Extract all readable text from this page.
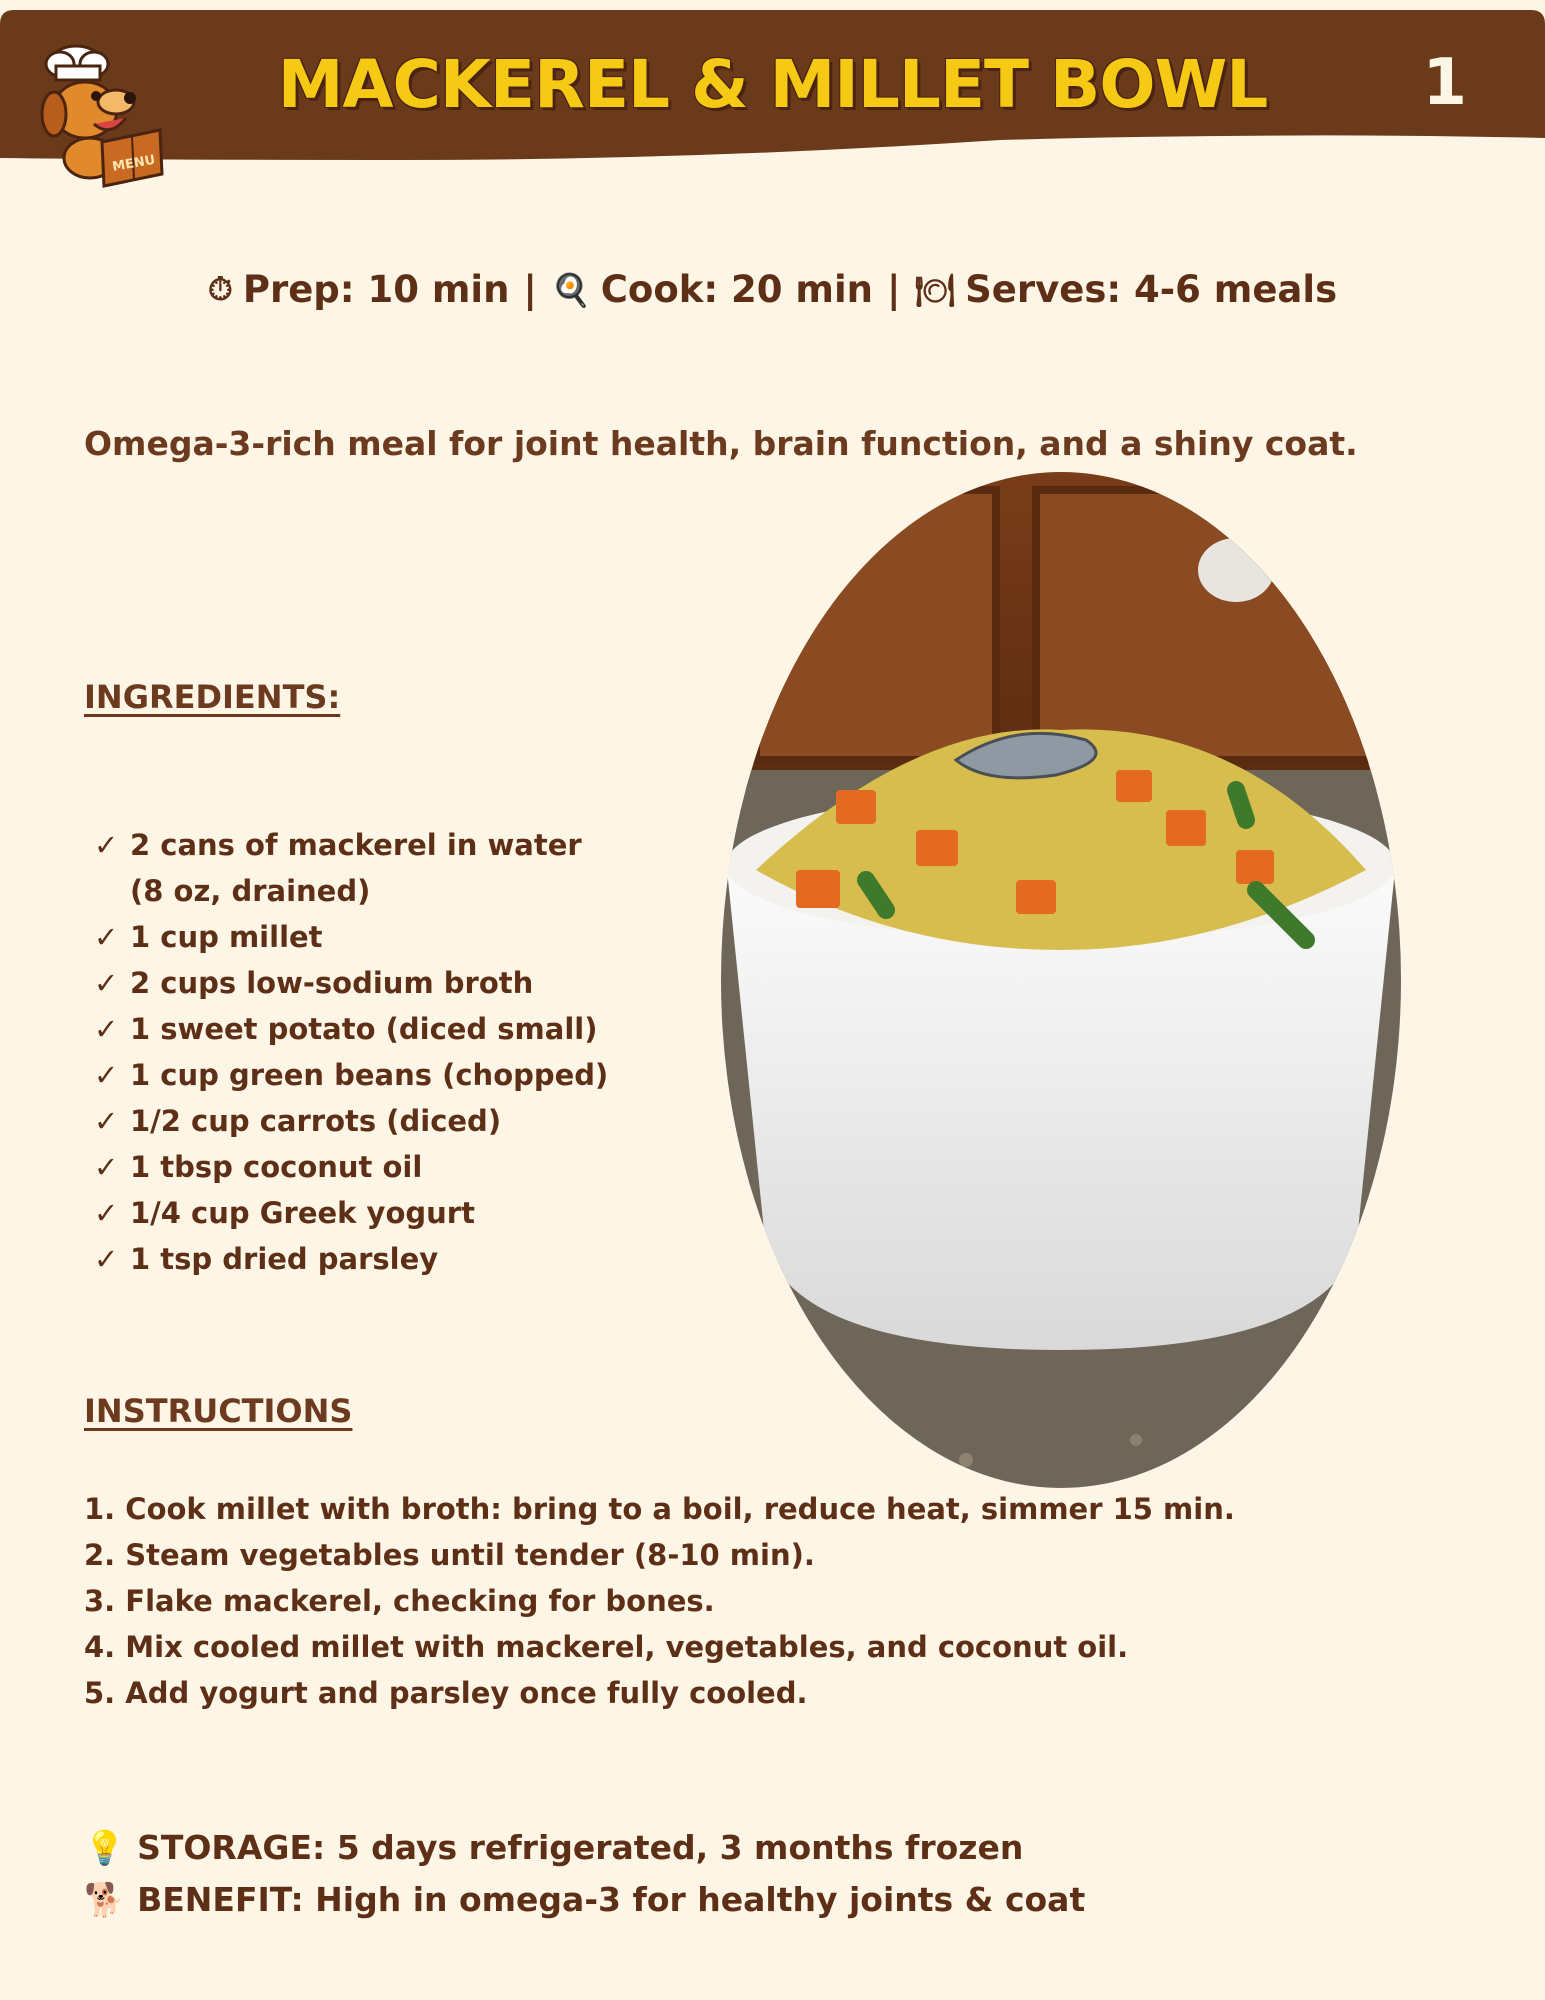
MENU
MACKEREL & MILLET BOWL	1
⏱ Prep: 10 min | 🍳 Cook: 20 min | 🍽 Serves: 4-6 meals
Omega-3-rich meal for joint health, brain function, and a shiny coat.
INGREDIENTS:
✓ 2 cans of mackerel in water
(8 oz, drained)
✓ 1 cup millet
✓ 2 cups low-sodium broth
✓ 1 sweet potato (diced small)
✓ 1 cup green beans (chopped)
✓ 1/2 cup carrots (diced)
✓ 1 tbsp coconut oil
✓ 1/4 cup Greek yogurt
✓ 1 tsp dried parsley
INSTRUCTIONS
1. Cook millet with broth: bring to a boil, reduce heat, simmer 15 min.
2. Steam vegetables until tender (8-10 min).
3. Flake mackerel, checking for bones.
4. Mix cooled millet with mackerel, vegetables, and coconut oil.
5. Add yogurt and parsley once fully cooled.
💡 STORAGE: 5 days refrigerated, 3 months frozen
🐕 BENEFIT: High in omega-3 for healthy joints & coat
